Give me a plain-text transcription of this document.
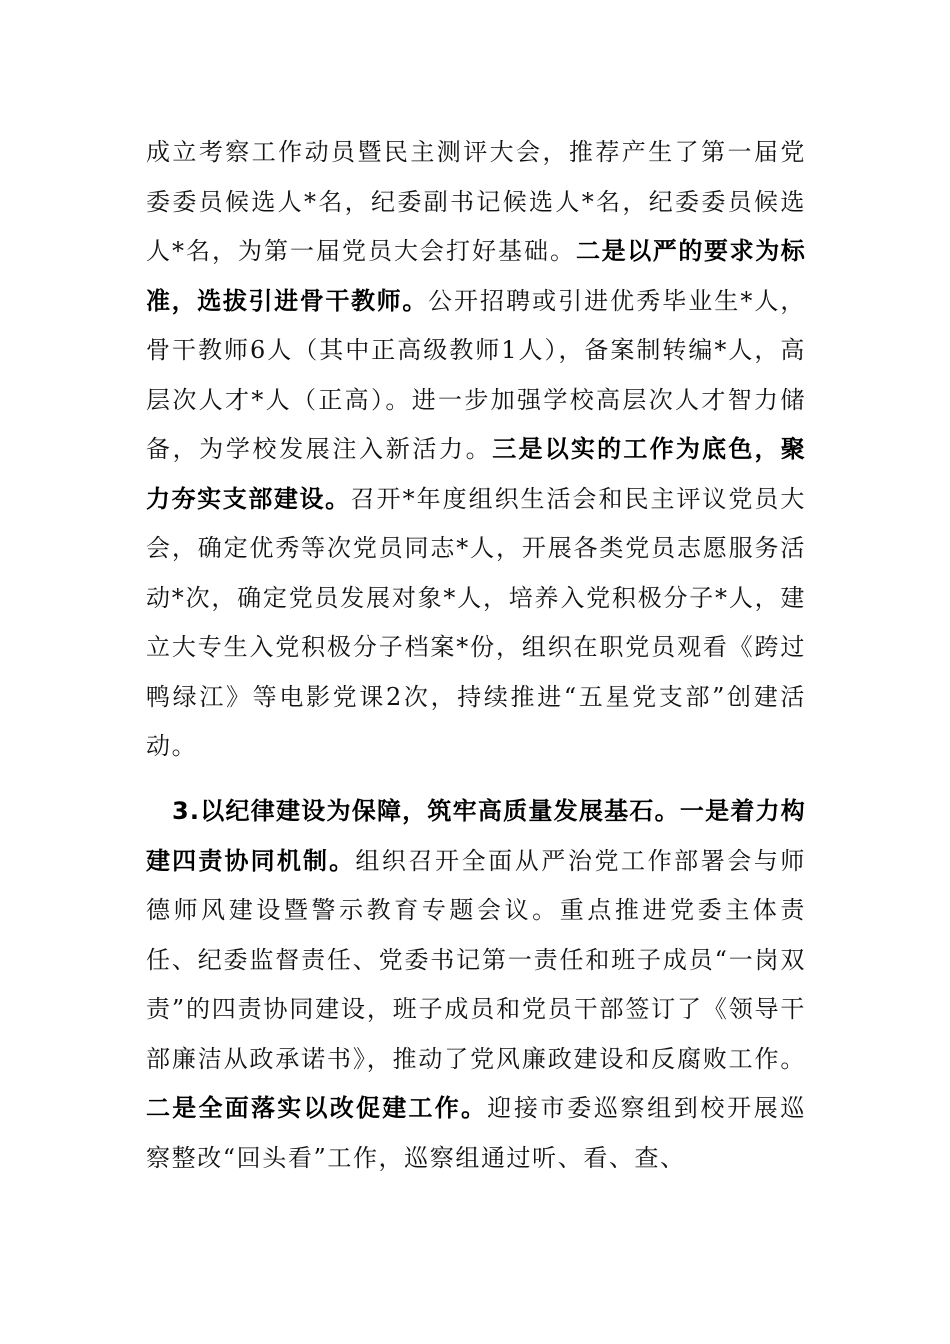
成立考察工作动员暨民主测评大会，推荐产生了第一届党委委员候选人*名，纪委副书记候选人*名，纪委委员候选人*名，为第一届党员大会打好基础。二是以严的要求为标准，选拔引进骨干教师。公开招聘或引进优秀毕业生*人，骨干教师6人（其中正高级教师1人），备案制转编*人，高层次人才*人（正高）。进一步加强学校高层次人才智力储备，为学校发展注入新活力。三是以实的工作为底色，聚力夯实支部建设。召开*年度组织生活会和民主评议党员大会，确定优秀等次党员同志*人，开展各类党员志愿服务活动*次，确定党员发展对象*人，培养入党积极分子*人，建立大专生入党积极分子档案*份，组织在职党员观看《跨过鸭绿江》等电影党课2次，持续推进“五星党支部”创建活动。

3.以纪律建设为保障，筑牢高质量发展基石。一是着力构建四责协同机制。组织召开全面从严治党工作部署会与师德师风建设暨警示教育专题会议。重点推进党委主体责任、纪委监督责任、党委书记第一责任和班子成员“一岗双责”的四责协同建设，班子成员和党员干部签订了《领导干部廉洁从政承诺书》，推动了党风廉政建设和反腐败工作。二是全面落实以改促建工作。迎接市委巡察组到校开展巡察整改“回头看”工作，巡察组通过听、看、查、
